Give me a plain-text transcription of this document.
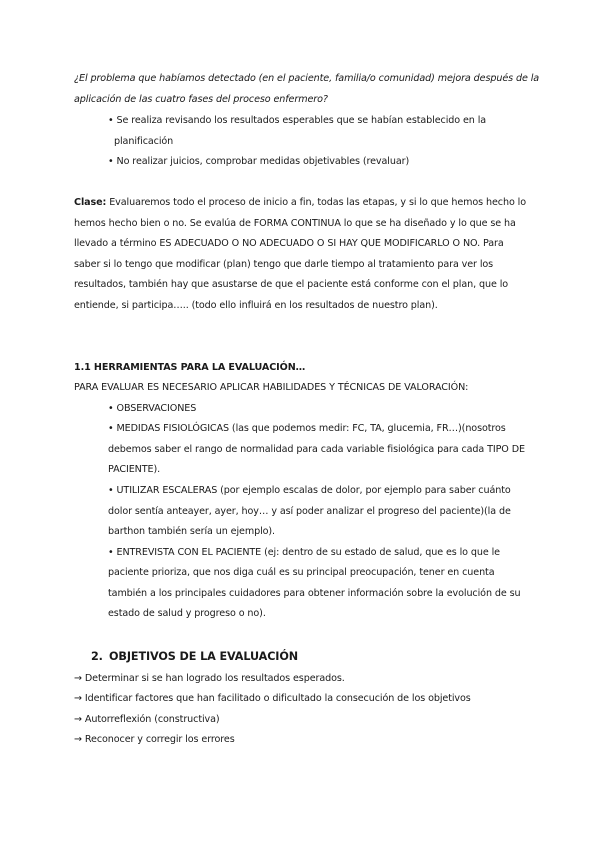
¿El problema que habíamos detectado (en el paciente, familia/o comunidad) mejora después de la
aplicación de las cuatro fases del proceso enfermero?
• Se realiza revisando los resultados esperables que se habían establecido en la
planificación
• No realizar juicios, comprobar medidas objetivables (revaluar)
Clase: Evaluaremos todo el proceso de inicio a fin, todas las etapas, y si lo que hemos hecho lo
hemos hecho bien o no. Se evalúa de FORMA CONTINUA lo que se ha diseñado y lo que se ha
llevado a término ES ADECUADO O NO ADECUADO O SI HAY QUE MODIFICARLO O NO. Para
saber si lo tengo que modificar (plan) tengo que darle tiempo al tratamiento para ver los
resultados, también hay que asustarse de que el paciente está conforme con el plan, que lo
entiende, si participa….. (todo ello influirá en los resultados de nuestro plan).
1.1 HERRAMIENTAS PARA LA EVALUACIÓN…
PARA EVALUAR ES NECESARIO APLICAR HABILIDADES Y TÉCNICAS DE VALORACIÓN:
• OBSERVACIONES
• MEDIDAS FISIOLÓGICAS (las que podemos medir: FC, TA, glucemia, FR…)(nosotros
debemos saber el rango de normalidad para cada variable fisiológica para cada TIPO DE
PACIENTE).
• UTILIZAR ESCALERAS (por ejemplo escalas de dolor, por ejemplo para saber cuánto
dolor sentía anteayer, ayer, hoy… y así poder analizar el progreso del paciente)(la de
barthon también sería un ejemplo).
• ENTREVISTA CON EL PACIENTE (ej: dentro de su estado de salud, que es lo que le
paciente prioriza, que nos diga cuál es su principal preocupación, tener en cuenta
también a los principales cuidadores para obtener información sobre la evolución de su
estado de salud y progreso o no).
2. OBJETIVOS DE LA EVALUACIÓN
→ Determinar si se han logrado los resultados esperados.
→ Identificar factores que han facilitado o dificultado la consecución de los objetivos
→ Autorreflexión (constructiva)
→ Reconocer y corregir los errores
